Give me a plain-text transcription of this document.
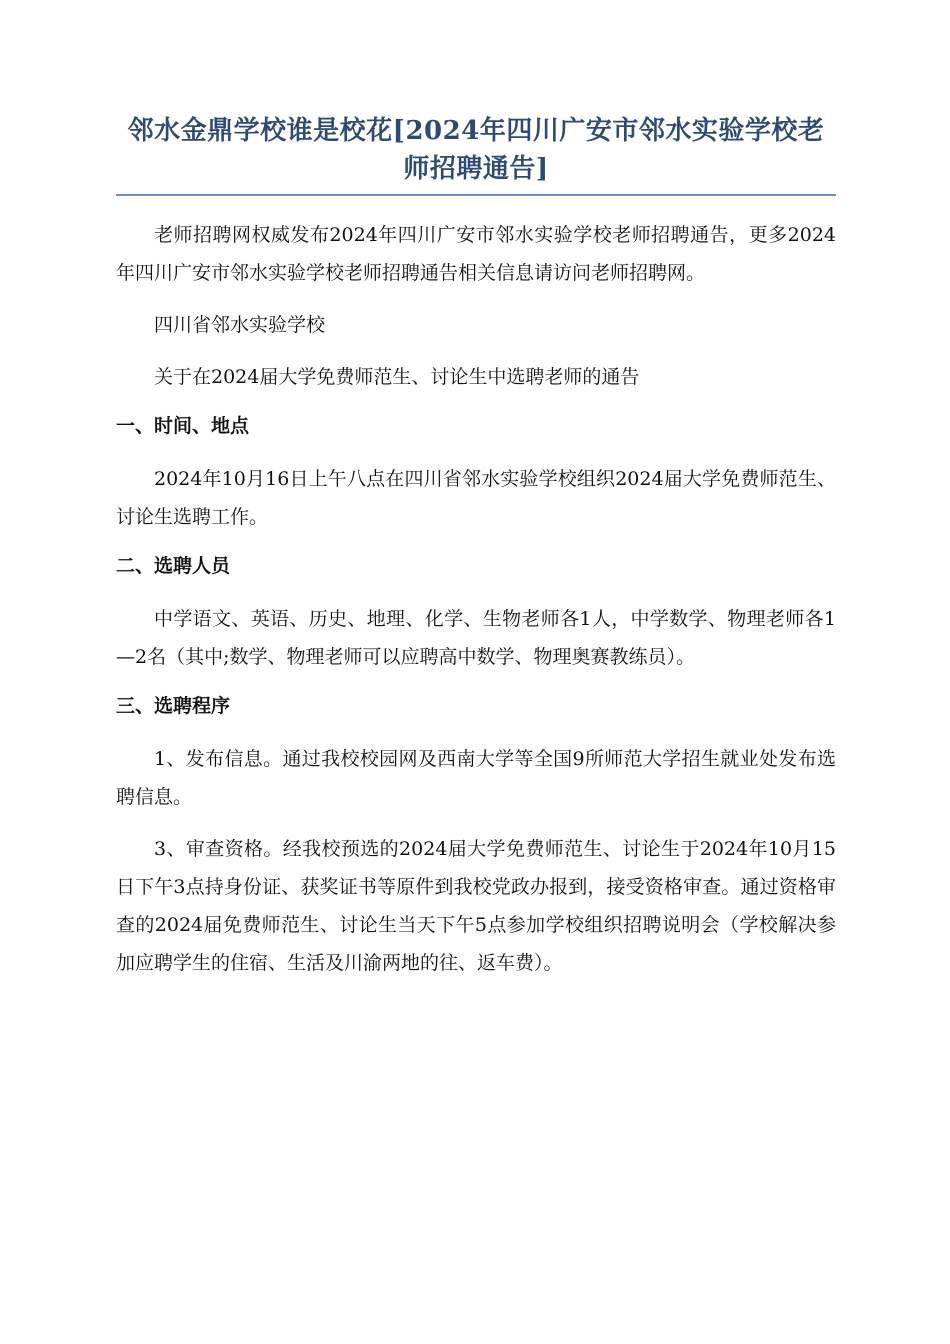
邻水金鼎学校谁是校花[2024年四川广安市邻水实验学校老师招聘通告]

老师招聘网权威发布2024年四川广安市邻水实验学校老师招聘通告，更多2024年四川广安市邻水实验学校老师招聘通告相关信息请访问老师招聘网。

四川省邻水实验学校

关于在2024届大学免费师范生、讨论生中选聘老师的通告

一、时间、地点

2024年10月16日上午八点在四川省邻水实验学校组织2024届大学免费师范生、讨论生选聘工作。

二、选聘人员

中学语文、英语、历史、地理、化学、生物老师各1人，中学数学、物理老师各1—2名（其中;数学、物理老师可以应聘高中数学、物理奥赛教练员）。

三、选聘程序

1、发布信息。通过我校校园网及西南大学等全国9所师范大学招生就业处发布选聘信息。

3、审查资格。经我校预选的2024届大学免费师范生、讨论生于2024年10月15日下午3点持身份证、获奖证书等原件到我校党政办报到，接受资格审查。通过资格审查的2024届免费师范生、讨论生当天下午5点参加学校组织招聘说明会（学校解决参加应聘学生的住宿、生活及川渝两地的往、返车费）。
